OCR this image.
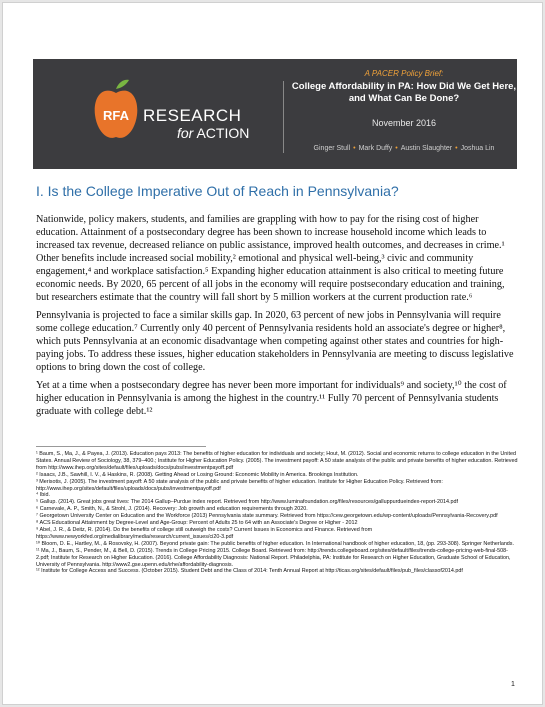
RFA RESEARCH
for ACTION
A PACER Policy Brief:
College Affordability in PA: How Did We Get Here, and What Can Be Done?
November 2016
Ginger Stull • Mark Duffy • Austin Slaughter • Joshua Lin
I. Is the College Imperative Out of Reach in Pennsylvania?

Nationwide, policy makers, students, and families are grappling with how to pay for the rising cost of higher education. Attainment of a postsecondary degree has been shown to increase household income which leads to increased tax revenue, decreased reliance on public assistance, improved health outcomes, and decreases in crime.¹ Other benefits include increased social mobility,² emotional and physical well-being,³ civic and community engagement,⁴ and workplace satisfaction.⁵ Expanding higher education attainment is also critical to meeting future economic needs. By 2020, 65 percent of all jobs in the economy will require postsecondary education and training, but researchers estimate that the country will fall short by 5 million workers at the current production rate.⁶

Pennsylvania is projected to face a similar skills gap. In 2020, 63 percent of new jobs in Pennsylvania will require some college education.⁷ Currently only 40 percent of Pennsylvania residents hold an associate's degree or higher⁸, which puts Pennsylvania at an economic disadvantage when competing against other states and countries for high-paying jobs. To address these issues, higher education stakeholders in Pennsylvania are meeting to discuss legislative options to bring down the cost of college.

Yet at a time when a postsecondary degree has never been more important for individuals⁹ and society,¹⁰ the cost of higher education in Pennsylvania is among the highest in the country.¹¹ Fully 70 percent of Pennsylvania students graduate with college debt.¹²

¹ Baum, S., Ma, J., & Payea, J. (2013). Education pays 2013: The benefits of higher education for individuals and society; Hout, M. (2012). Social and economic returns to college education in the United States. Annual Review of Sociology, 38, 379–400.; Institute for Higher Education Policy. (2005). The investment payoff: A 50 state analysis of the public and private benefits of higher education. Retrieved from http://www.ihep.org/sites/default/files/uploads/docs/pubs/investmentpayoff.pdf
² Isaacs, J.B., Sawhill, I. V., & Haskins, R. (2008). Getting Ahead or Losing Ground: Economic Mobility in America. Brookings Institution.
³ Merisotis, J. (2005). The investment payoff: A 50 state analysis of the public and private benefits of higher education. Institute for Higher Education Policy. Retrieved from: http://www.ihep.org/sites/default/files/uploads/docs/pubs/investmentpayoff.pdf
⁴ Ibid.
⁵ Gallup. (2014). Great jobs great lives: The 2014 Gallup–Purdue index report. Retrieved from http://www.luminafoundation.org/files/resources/galluppurdueindex-report-2014.pdf
⁶ Carnevale, A. P., Smith, N., & Strohl, J. (2014). Recovery: Job growth and education requirements through 2020.
⁷ Georgetown University Center on Education and the Workforce (2013) Pennsylvania state summary. Retrieved from https://cew.georgetown.edu/wp-content/uploads/Pennsylvania-Recovery.pdf
⁸ ACS Educational Attainment by Degree-Level and Age-Group: Percent of Adults 25 to 64 with an Associate's Degree or Higher - 2012
⁹ Abel, J. R., & Deitz, R. (2014). Do the benefits of college still outweigh the costs? Current Issues in Economics and Finance. Retrieved from https://www.newyorkfed.org/medialibrary/media/research/current_issues/ci20-3.pdf
¹⁰ Bloom, D. E., Hartley, M., & Rosovsky, H. (2007). Beyond private gain: The public benefits of higher education. In International handbook of higher education, 18, (pp. 293-308). Springer Netherlands.
¹¹ Ma, J., Baum, S., Pender, M., & Bell, D. (2015). Trends in College Pricing 2015. College Board. Retrieved from: http://trends.collegeboard.org/sites/default/files/trends-college-pricing-web-final-508-2.pdf; Institute for Research on Higher Education. (2016). College Affordability Diagnosis: National Report. Philadelphia, PA: Institute for Research on Higher Education, Graduate School of Education, University of Pennsylvania. http://www2.gse.upenn.edu/irhe/affordability-diagnosis.
¹² Institute for College Access and Success. (October 2015). Student Debt and the Class of 2014: Tenth Annual Report at http://ticas.org/sites/default/files/pub_files/classof2014.pdf
1
